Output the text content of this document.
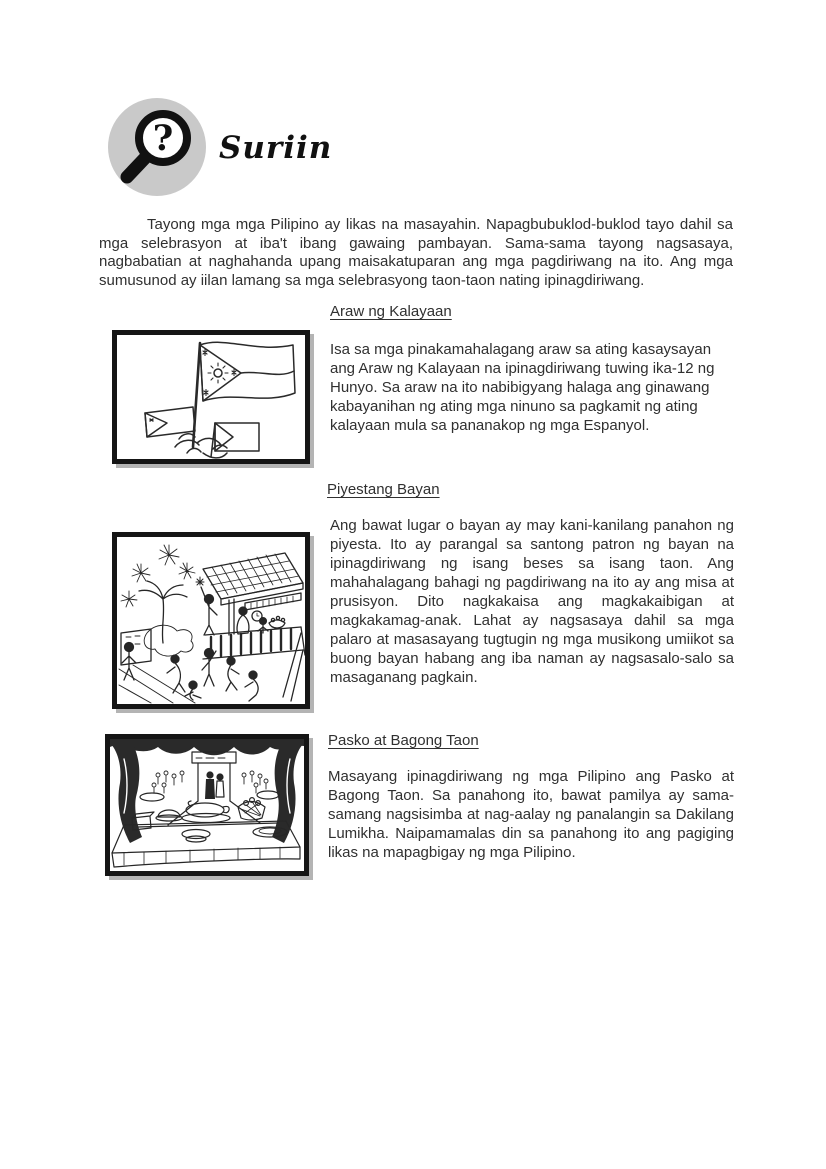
? Suriin

Tayong mga mga Pilipino ay likas na masayahin. Napagbubuklod-buklod tayo dahil sa mga selebrasyon at iba't ibang gawaing pambayan. Sama-sama tayong nagsasaya, nagbabatian at naghahanda upang maisakatuparan ang mga pagdiriwang na ito. Ang mga sumusunod ay iilan lamang sa mga selebrasyong taon-taon nating ipinagdiriwang.

Araw ng Kalayaan

Isa sa mga pinakamahalagang araw sa ating kasaysayan ang Araw ng Kalayaan na ipinagdiriwang tuwing ika-12 ng Hunyo. Sa araw na ito nabibigyang halaga ang ginawang kabayanihan ng ating mga ninuno sa pagkamit ng ating kalayaan mula sa pananakop ng mga Espanyol.

Piyestang Bayan

Ang bawat lugar o bayan ay may kani-kanilang panahon ng piyesta. Ito ay parangal sa santong patron ng bayan na ipinagdiriwang ng isang beses sa isang taon. Ang mahahalagang bahagi ng pagdiriwang na ito ay ang misa at prusisyon. Dito nagkakaisa ang magkakaibigan at magkakamag-anak. Lahat ay nagsasaya dahil sa mga palaro at masasayang tugtugin ng mga musikong umiikot sa buong bayan habang ang iba naman ay nagsasalo-salo sa masaganang pagkain.

Pasko at Bagong Taon

Masayang ipinagdiriwang ng mga Pilipino ang Pasko at Bagong Taon. Sa panahong ito, bawat pamilya ay sama-samang nagsisimba at nag-aalay ng panalangin sa Dakilang Lumikha. Naipamamalas din sa panahong ito ang pagiging likas na mapagbigay ng mga Pilipino.
